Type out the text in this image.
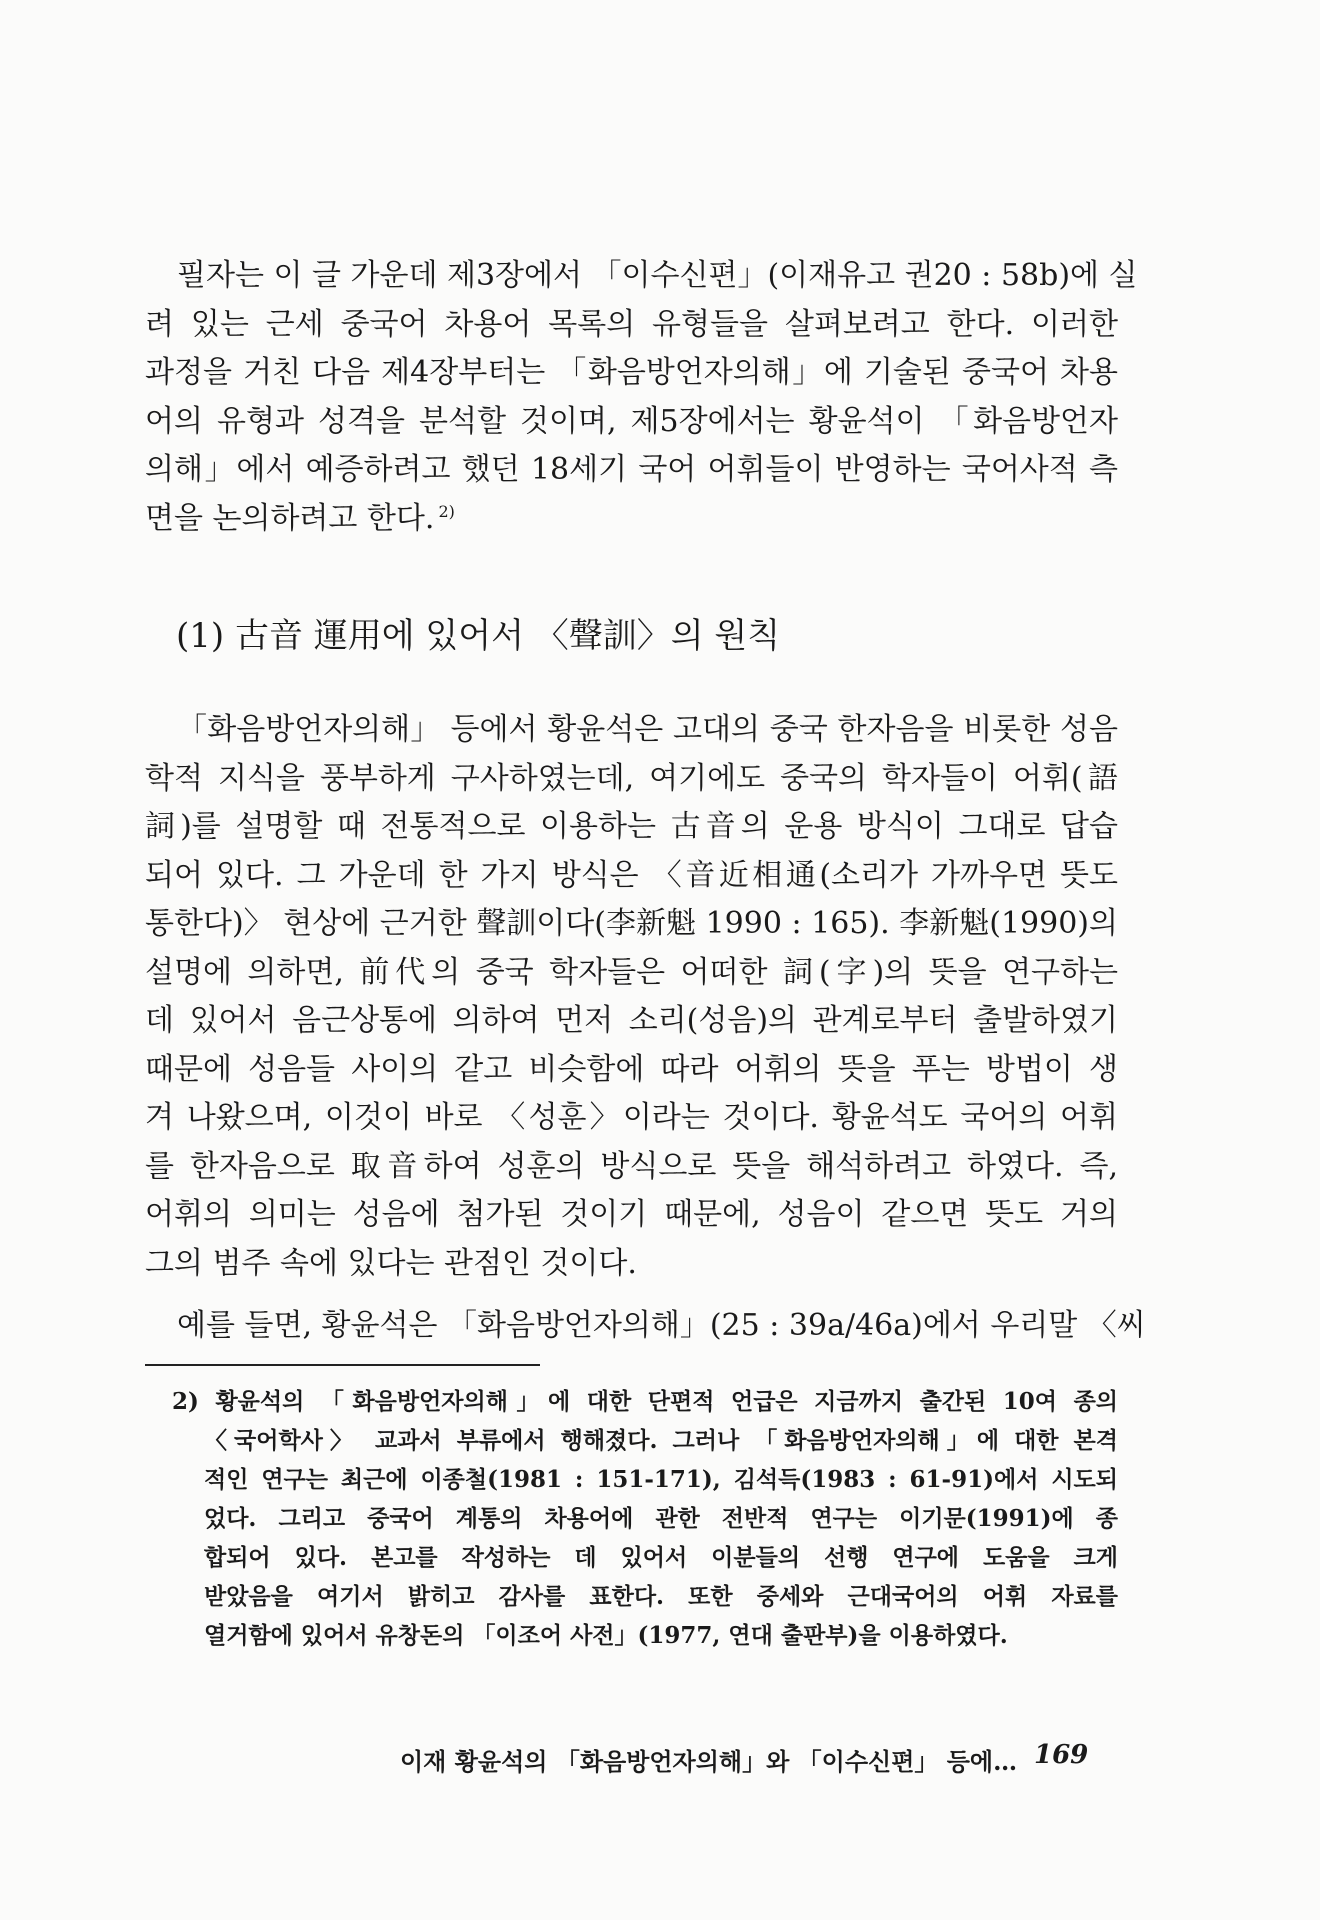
필자는 이 글 가운데 제3장에서 「이수신편」(이재유고 권20 : 58b)에 실
려 있는 근세 중국어 차용어 목록의 유형들을 살펴보려고 한다. 이러한
과정을 거친 다음 제4장부터는 「화음방언자의해」에 기술된 중국어 차용
어의 유형과 성격을 분석할 것이며, 제5장에서는 황윤석이 「화음방언자
의해」에서 예증하려고 했던 18세기 국어 어휘들이 반영하는 국어사적 측
면을 논의하려고 한다. $^{2)}$
(1) 古音 運用에 있어서 〈聲訓〉의 원칙
「화음방언자의해」 등에서 황윤석은 고대의 중국 한자음을 비롯한 성음
학적 지식을 풍부하게 구사하였는데, 여기에도 중국의 학자들이 어휘(語
詞)를 설명할 때 전통적으로 이용하는 古音의 운용 방식이 그대로 답습
되어 있다. 그 가운데 한 가지 방식은 〈音近相通(소리가 가까우면 뜻도
통한다)〉 현상에 근거한 聲訓이다(李新魁 1990 : 165). 李新魁(1990)의
설명에 의하면, 前代의 중국 학자들은 어떠한 詞(字)의 뜻을 연구하는
데 있어서 음근상통에 의하여 먼저 소리(성음)의 관계로부터 출발하였기
때문에 성음들 사이의 같고 비슷함에 따라 어휘의 뜻을 푸는 방법이 생
겨 나왔으며, 이것이 바로 〈성훈〉이라는 것이다. 황윤석도 국어의 어휘
를 한자음으로 取音하여 성훈의 방식으로 뜻을 해석하려고 하였다. 즉,
어휘의 의미는 성음에 첨가된 것이기 때문에, 성음이 같으면 뜻도 거의
그의 범주 속에 있다는 관점인 것이다.
예를 들면, 황윤석은 「화음방언자의해」(25 : 39a/46a)에서 우리말 〈씨
2) 황윤석의 「화음방언자의해」에 대한 단편적 언급은 지금까지 출간된 10여 종의
〈국어학사〉 교과서 부류에서 행해졌다. 그러나 「화음방언자의해」에 대한 본격
적인 연구는 최근에 이종철(1981 : 151-171), 김석득(1983 : 61-91)에서 시도되
었다. 그리고 중국어 계통의 차용어에 관한 전반적 연구는 이기문(1991)에 종
합되어 있다. 본고를 작성하는 데 있어서 이분들의 선행 연구에 도움을 크게
받았음을 여기서 밝히고 감사를 표한다. 또한 중세와 근대국어의 어휘 자료를
열거함에 있어서 유창돈의 「이조어 사전」(1977, 연대 출판부)을 이용하였다.
이재 황윤석의 「화음방언자의해」와 「이수신편」 등에… 169
